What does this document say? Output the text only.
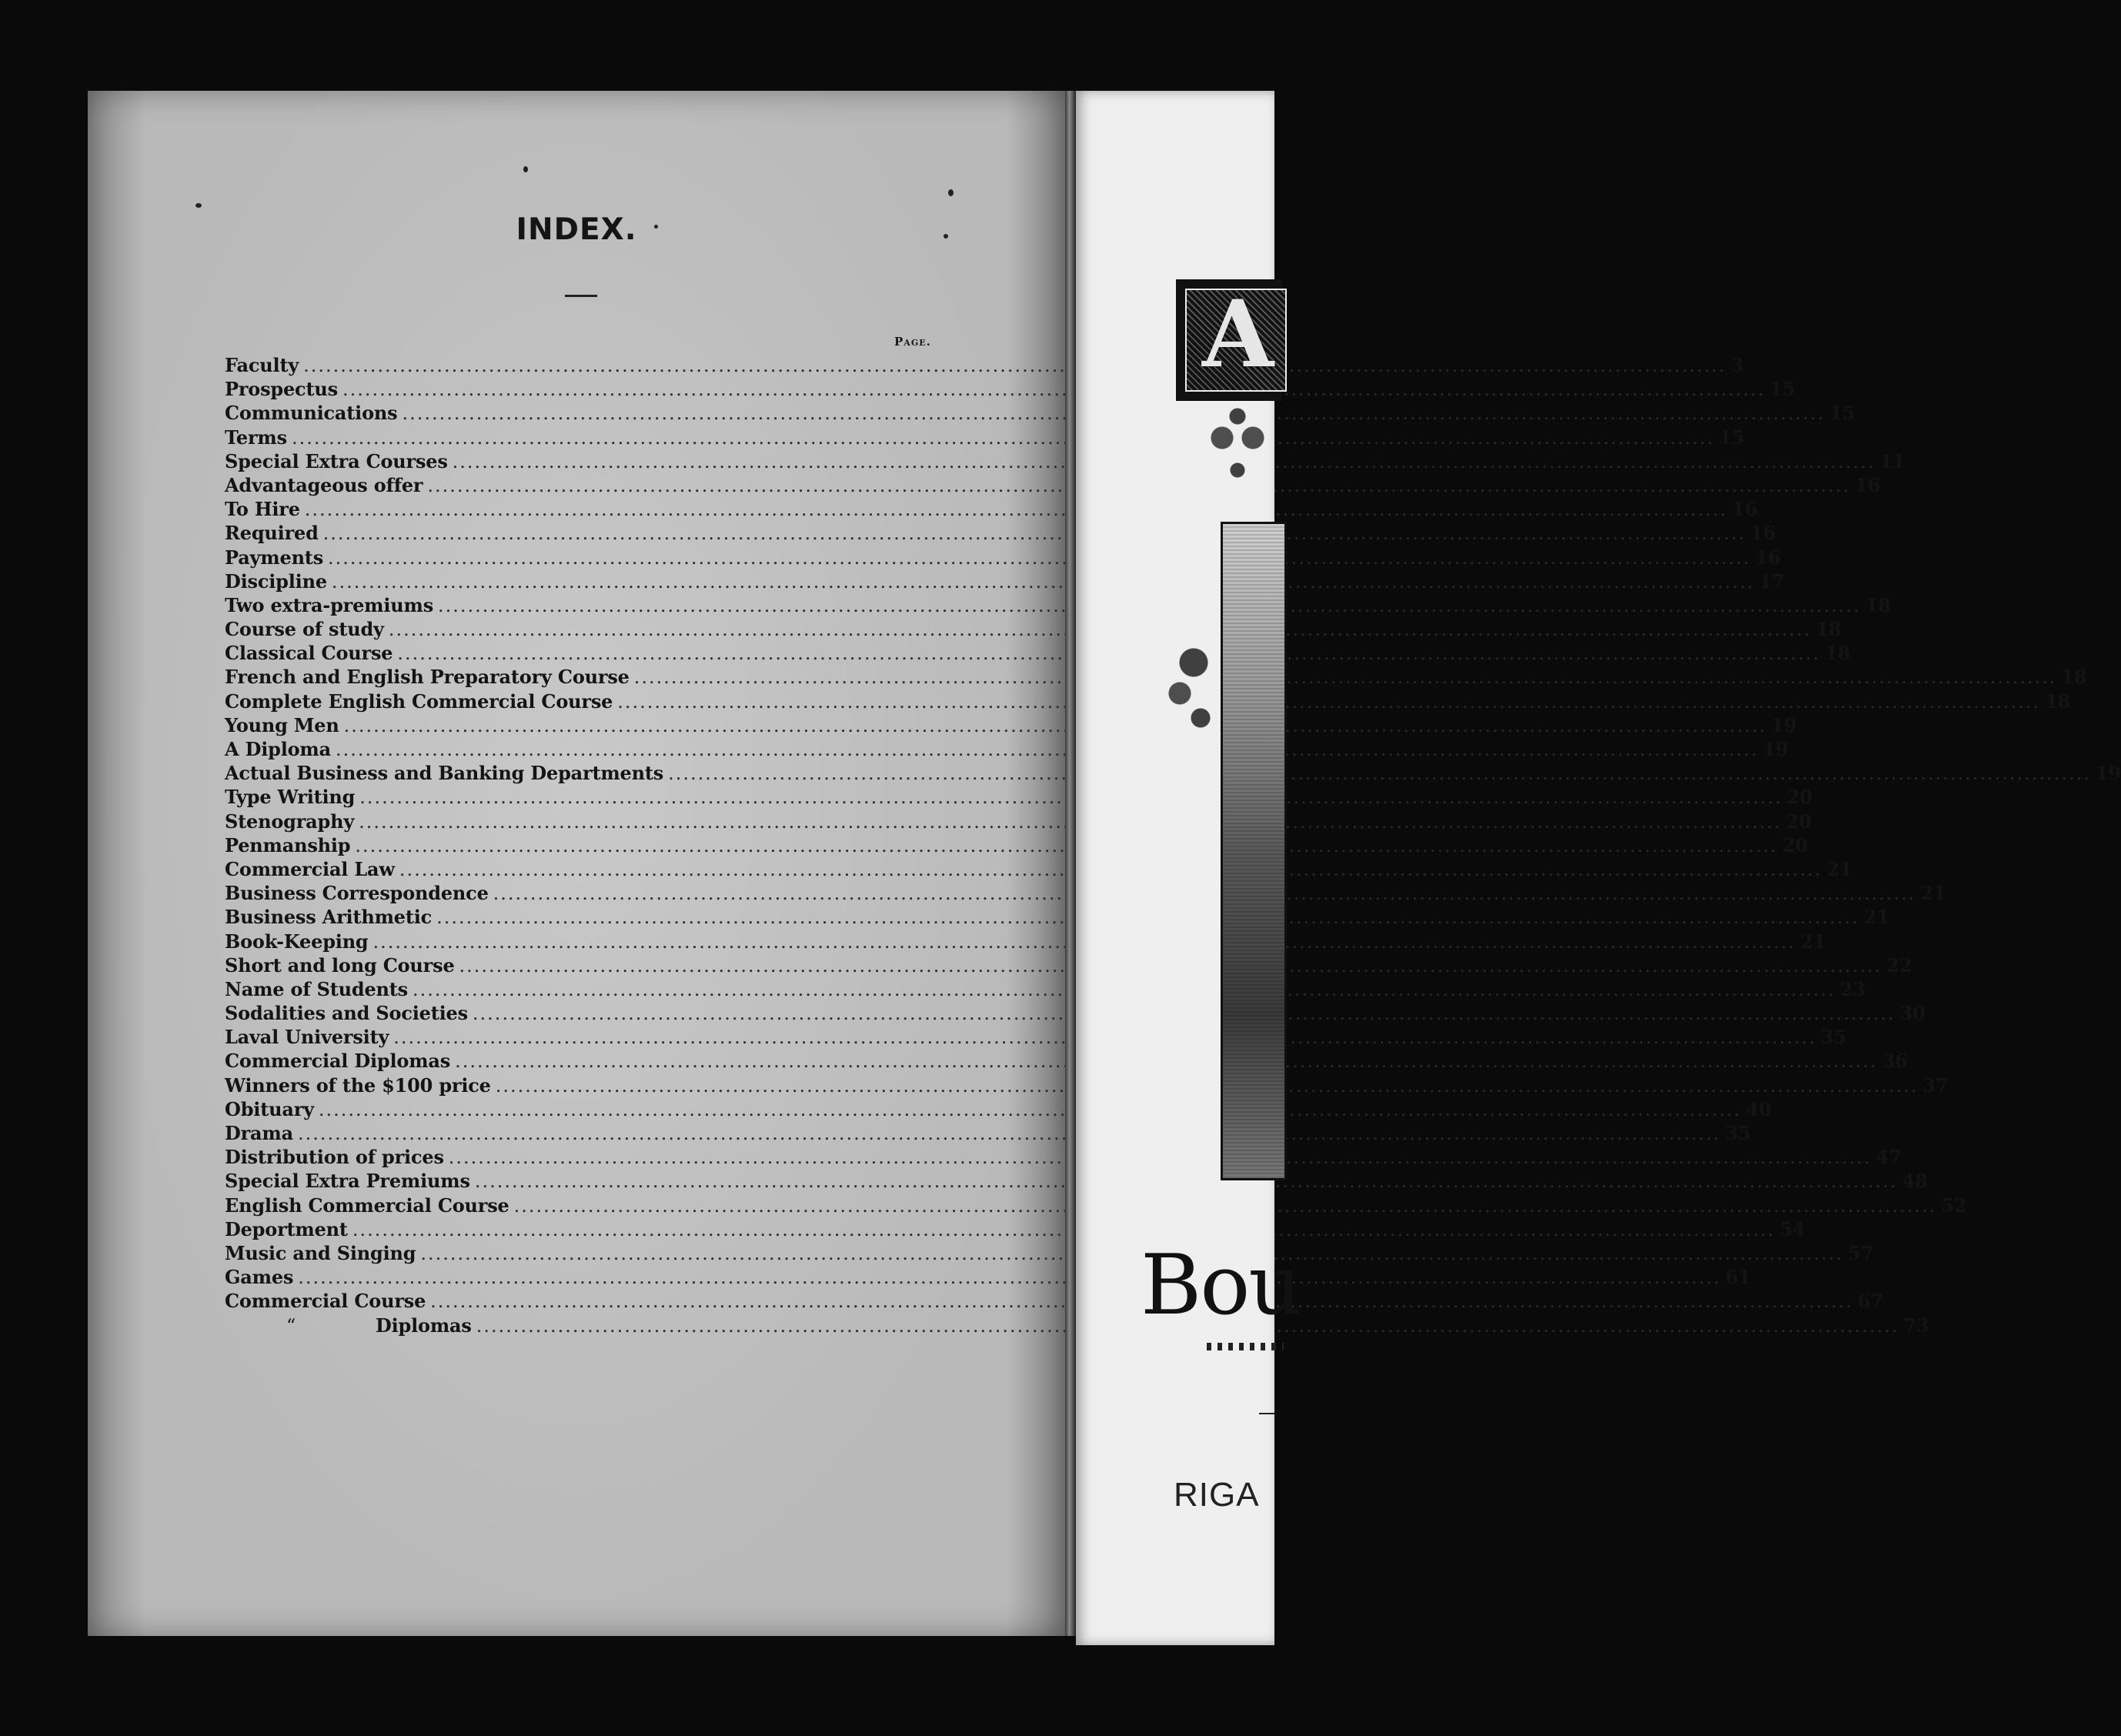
INDEX.
Page.
Faculty .....	3
Prospectus .....	15
Communications .....	15
Terms .....	15
Special Extra Courses .....	11
Advantageous offer .....	16
To Hire .....	16
Required .....	16
Payments .....	16
Discipline .....	17
Two extra-premiums .....	18
Course of study .....	18
Classical Course .....	18
French and English Preparatory Course .....	18
Complete English Commercial Course .....	18
Young Men .....	19
A Diploma .....	19
Actual Business and Banking Departments .....	19
Type Writing .....	20
Stenography .....	20
Penmanship .....	20
Commercial Law .....	21
Business Correspondence .....	21
Business Arithmetic .....	21
Book-Keeping .....	21
Short and long Course .....	22
Name of Students .....	23
Sodalities and Societies .....	30
Laval University .....	35
Commercial Diplomas .....	36
Winners of the $100 price .....	37
Obituary .....	40
Drama .....	35
Distribution of prices .....	47
Special Extra Premiums .....	48
English Commercial Course .....	52
Deportment .....	54
Music and Singing .....	57
Games .....	61
Commercial Course .....	67
“	Diplomas .....	73
A
Bou
RIGA
